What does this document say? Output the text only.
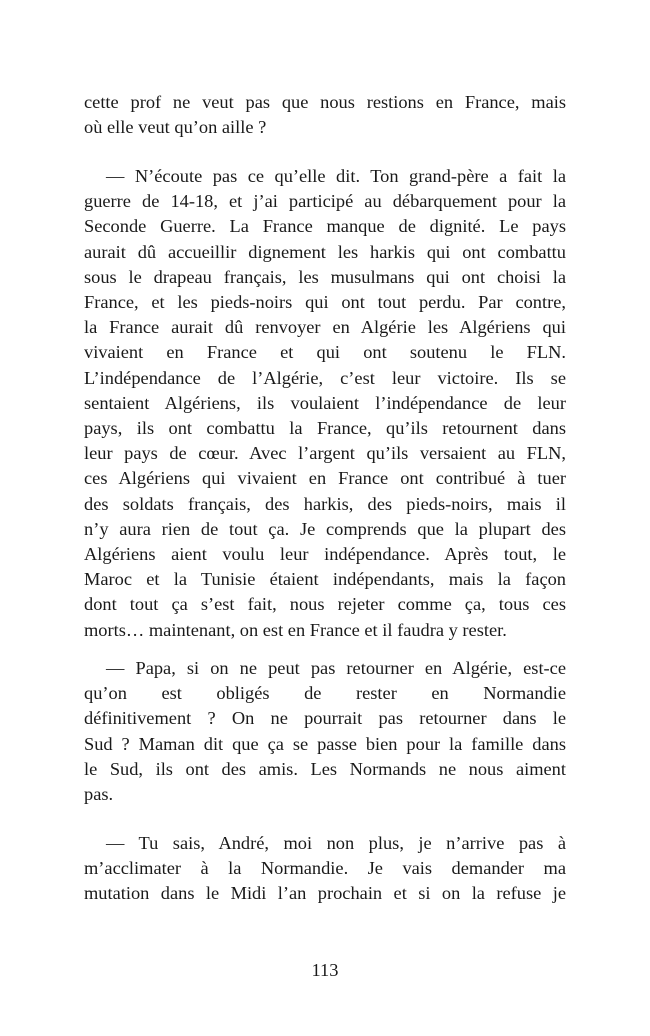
cette prof ne veut pas que nous restions en France, mais
où elle veut qu’on aille ?

— N’écoute pas ce qu’elle dit. Ton grand-père a fait la
guerre de 14-18, et j’ai participé au débarquement pour la
Seconde Guerre. La France manque de dignité. Le pays
aurait dû accueillir dignement les harkis qui ont combattu
sous le drapeau français, les musulmans qui ont choisi la
France, et les pieds-noirs qui ont tout perdu. Par contre,
la France aurait dû renvoyer en Algérie les Algériens qui
vivaient en France et qui ont soutenu le FLN.
L’indépendance de l’Algérie, c’est leur victoire. Ils se
sentaient Algériens, ils voulaient l’indépendance de leur
pays, ils ont combattu la France, qu’ils retournent dans
leur pays de cœur. Avec l’argent qu’ils versaient au FLN,
ces Algériens qui vivaient en France ont contribué à tuer
des soldats français, des harkis, des pieds-noirs, mais il
n’y aura rien de tout ça. Je comprends que la plupart des
Algériens aient voulu leur indépendance. Après tout, le
Maroc et la Tunisie étaient indépendants, mais la façon
dont tout ça s’est fait, nous rejeter comme ça, tous ces
morts… maintenant, on est en France et il faudra y rester.

— Papa, si on ne peut pas retourner en Algérie, est-ce
qu’on est obligés de rester en Normandie
définitivement ? On ne pourrait pas retourner dans le
Sud ? Maman dit que ça se passe bien pour la famille dans
le Sud, ils ont des amis. Les Normands ne nous aiment
pas.

— Tu sais, André, moi non plus, je n’arrive pas à
m’acclimater à la Normandie. Je vais demander ma
mutation dans le Midi l’an prochain et si on la refuse je

113
